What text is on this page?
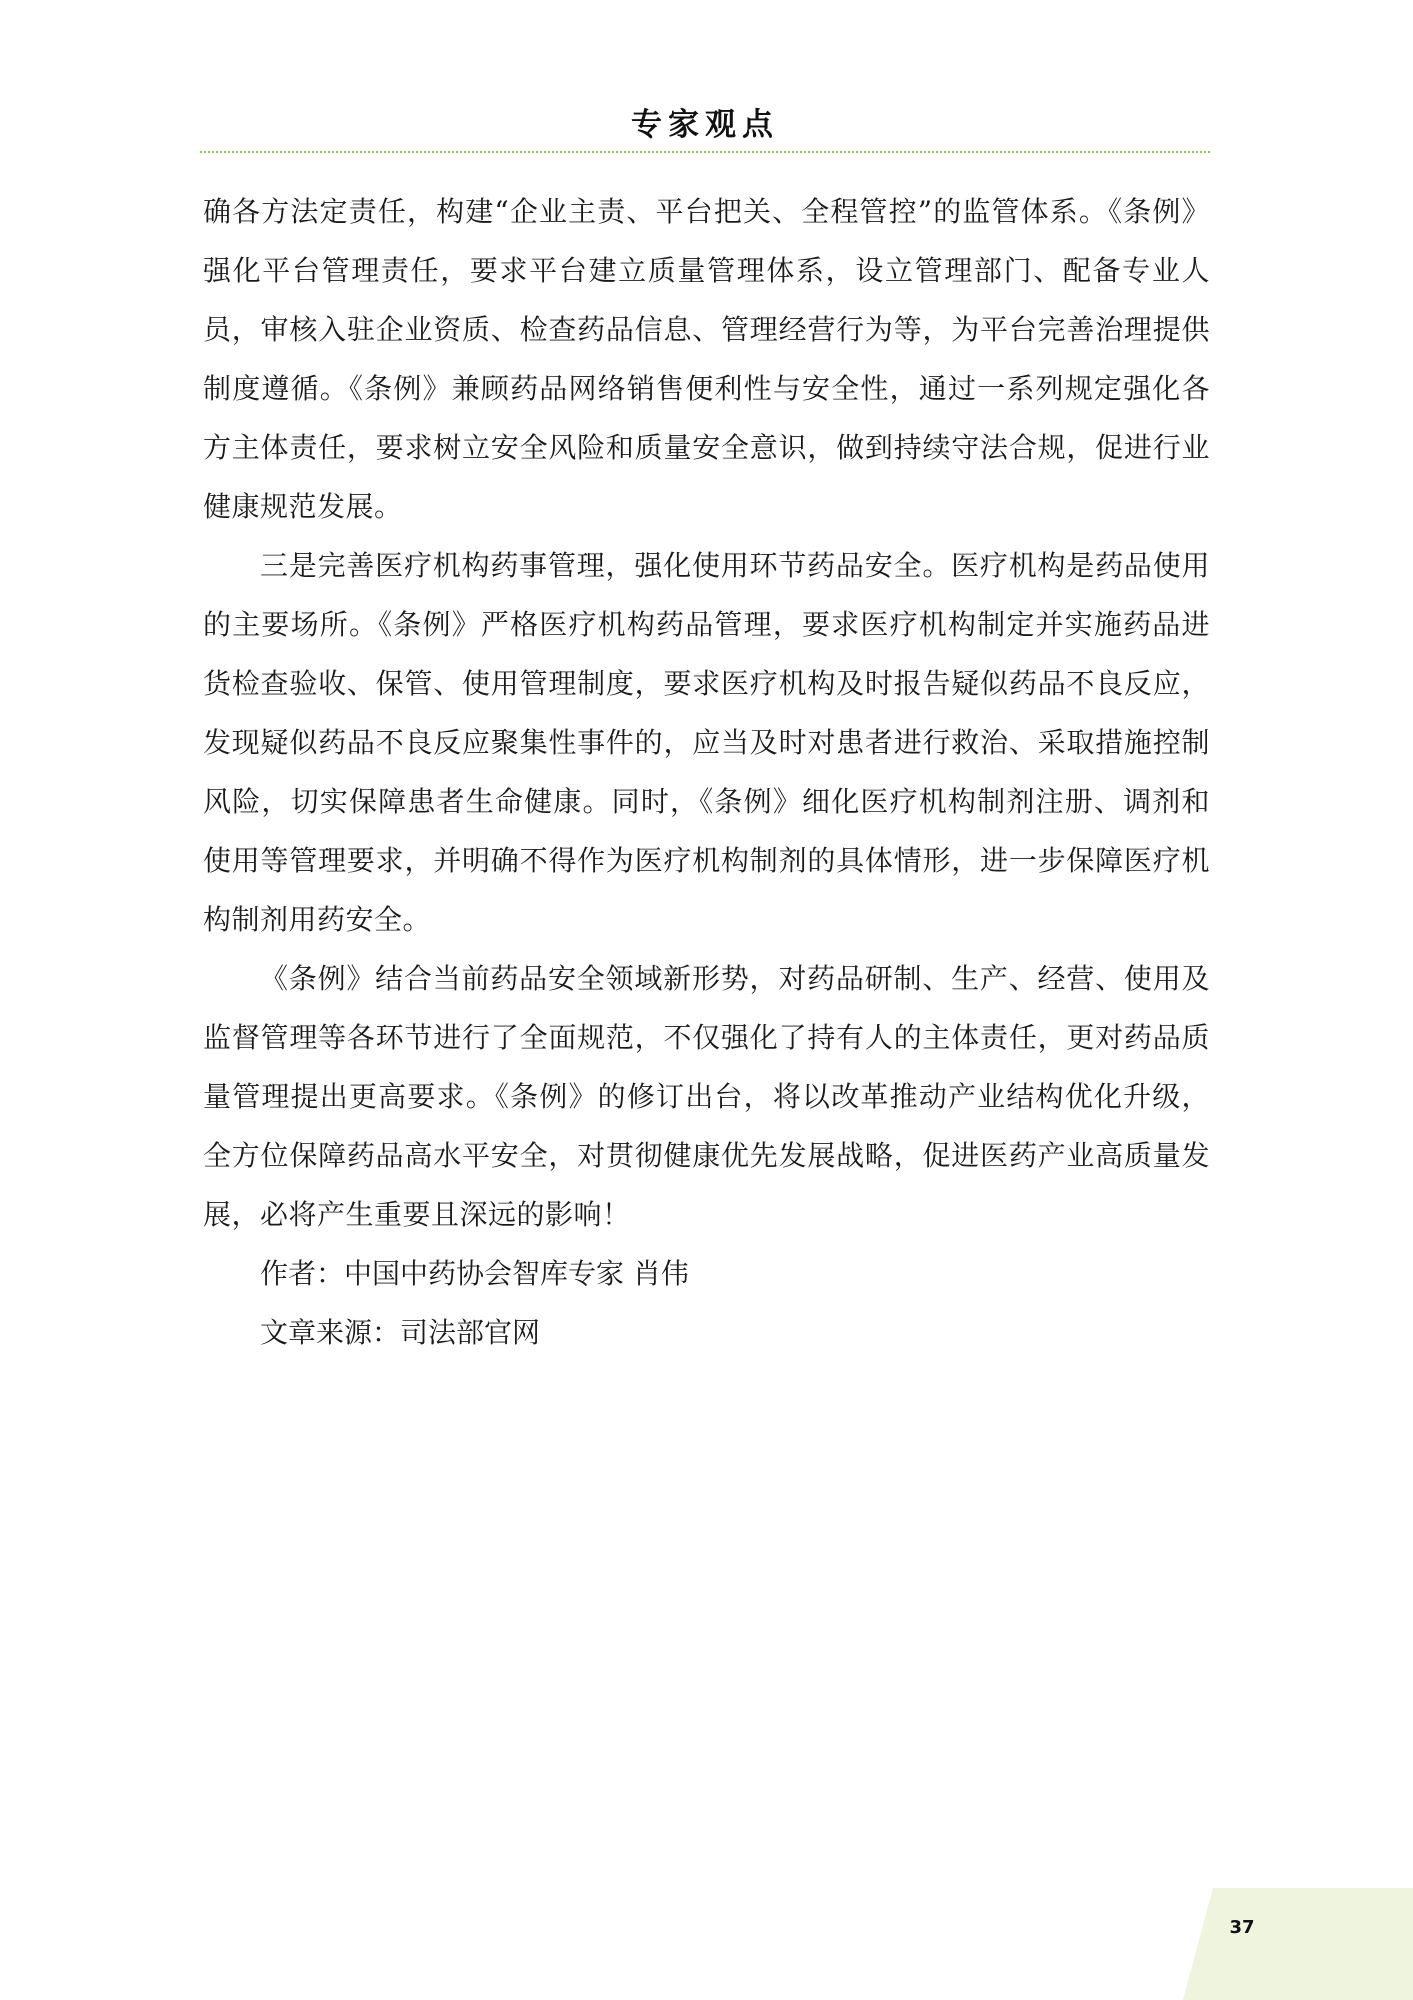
专家观点

确各方法定责任，构建“企业主责、平台把关、全程管控”的监管体系。《条例》强化平台管理责任，要求平台建立质量管理体系，设立管理部门、配备专业人员，审核入驻企业资质、检查药品信息、管理经营行为等，为平台完善治理提供制度遵循。《条例》兼顾药品网络销售便利性与安全性，通过一系列规定强化各方主体责任，要求树立安全风险和质量安全意识，做到持续守法合规，促进行业健康规范发展。

三是完善医疗机构药事管理，强化使用环节药品安全。医疗机构是药品使用的主要场所。《条例》严格医疗机构药品管理，要求医疗机构制定并实施药品进货检查验收、保管、使用管理制度，要求医疗机构及时报告疑似药品不良反应，发现疑似药品不良反应聚集性事件的，应当及时对患者进行救治、采取措施控制风险，切实保障患者生命健康。同时，《条例》细化医疗机构制剂注册、调剂和使用等管理要求，并明确不得作为医疗机构制剂的具体情形，进一步保障医疗机构制剂用药安全。

《条例》结合当前药品安全领域新形势，对药品研制、生产、经营、使用及监督管理等各环节进行了全面规范，不仅强化了持有人的主体责任，更对药品质量管理提出更高要求。《条例》的修订出台，将以改革推动产业结构优化升级，全方位保障药品高水平安全，对贯彻健康优先发展战略，促进医药产业高质量发展，必将产生重要且深远的影响！

作者：中国中药协会智库专家 肖伟

文章来源：司法部官网

37
